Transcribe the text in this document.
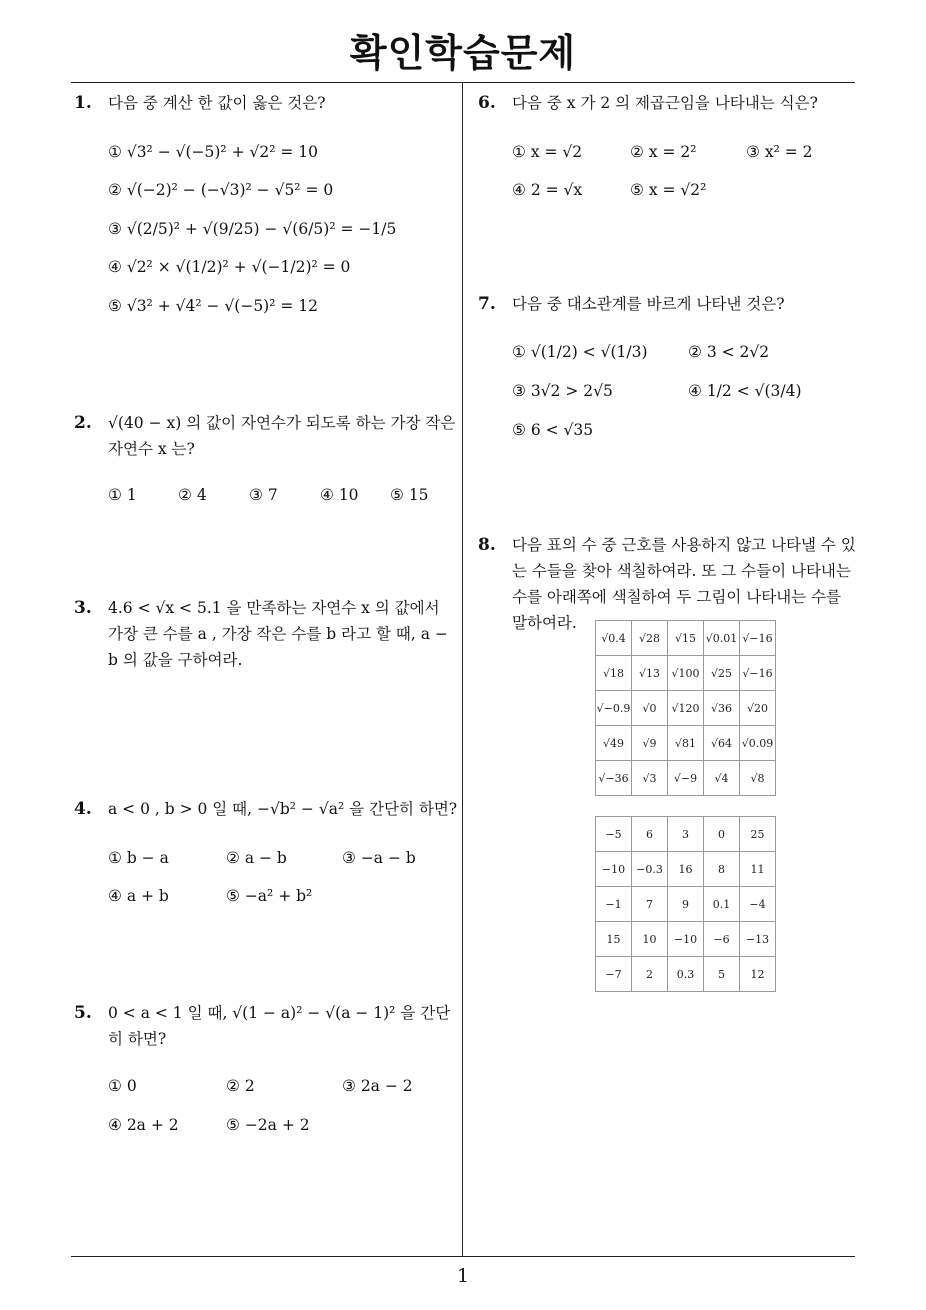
확인학습문제
1
1. 다음 중 계산 한 값이 옳은 것은?
① √3² − √(−5)² + √2² = 10
② √(−2)² − (−√3)² − √5² = 0
③ √(2/5)² + √(9/25) − √(6/5)² = −1/5
④ √2² × √(1/2)² + √(−1/2)² = 0
⑤ √3² + √4² − √(−5)² = 12
2. √(40 − x) 의 값이 자연수가 되도록 하는 가장 작은 자연수 x 는?
① 1	② 4	③ 7	④ 10 ⑤ 15
3. 4.6 < √x < 5.1 을 만족하는 자연수 x 의 값에서 가장 큰 수를 a , 가장 작은 수를 b 라고 할 때, a − b 의 값을 구하여라.
4. a < 0 , b > 0 일 때, −√b² − √a² 을 간단히 하면?
① b − a	② a − b	③ −a − b
④ a + b	⑤ −a² + b²
5. 0 < a < 1 일 때, √(1 − a)² − √(a − 1)² 을 간단히 하면?
① 0	② 2	③ 2a − 2
④ 2a + 2	⑤ −2a + 2
6. 다음 중 x 가 2 의 제곱근임을 나타내는 식은?
① x = √2	② x = 2²	③ x² = 2
④ 2 = √x	⑤ x = √2²
7. 다음 중 대소관계를 바르게 나타낸 것은?
① √(1/2) < √(1/3)	② 3 < 2√2
③ 3√2 > 2√5	④ 1/2 < √(3/4)
⑤ 6 < √35
8. 다음 표의 수 중 근호를 사용하지 않고 나타낼 수 있는 수들을 찾아 색칠하여라. 또 그 수들이 나타내는 수를 아래쪽에 색칠하여 두 그림이 나타내는 수를 말하여라.
√0.4	√28	√15	√0.01	√−16
√18	√13	√100	√25	√−16
√−0.9	√0	√120	√36	√20
√49	√9	√81	√64	√0.09
√−36	√3	√−9	√4	√8
−5	6	3	0	25
−10	−0.3	16	8	11
−1	7	9	0.1	−4
15	10	−10	−6	−13
−7	2	0.3	5	12
